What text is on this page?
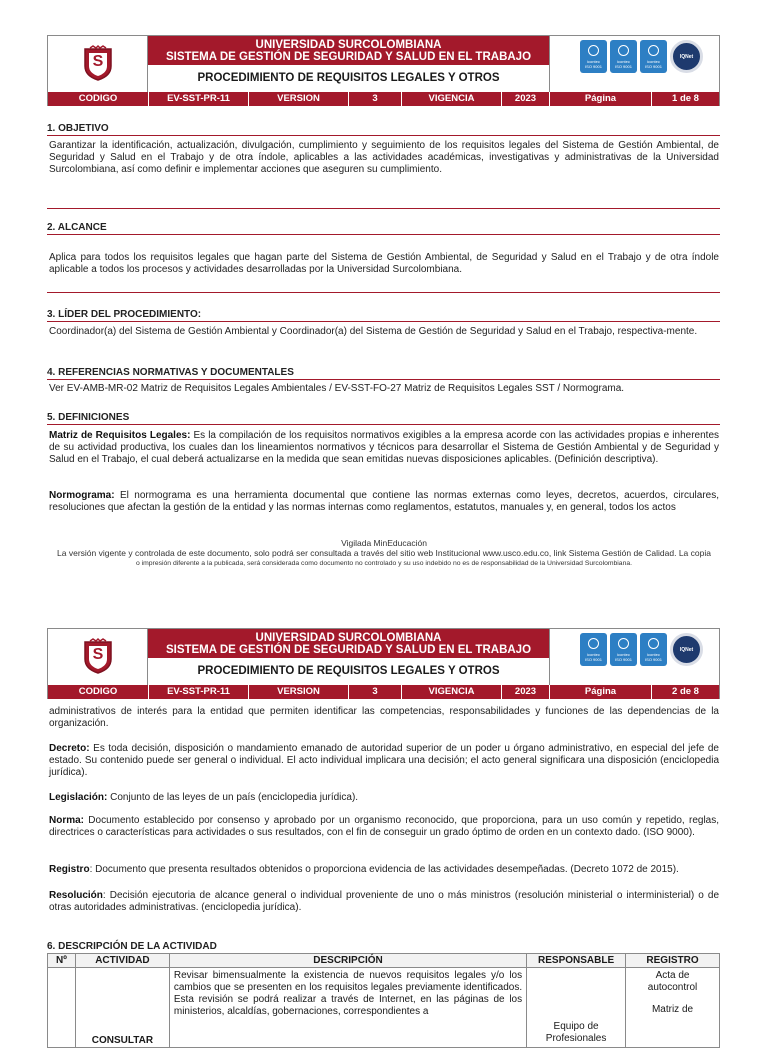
S
UNIVERSIDAD SURCOLOMBIANA
SISTEMA DE GESTIÓN DE SEGURIDAD Y SALUD EN EL TRABAJO
PROCEDIMIENTO DE REQUISITOS LEGALES Y OTROS
icontec
ISO 9001
icontec
ISO 9001
icontec
ISO 9001
IQNet
CODIGO	EV-SST-PR-11	VERSION	3	VIGENCIA	2023	Página	1 de 8
1. OBJETIVO
Garantizar la identificación, actualización, divulgación, cumplimiento y seguimiento de los requisitos legales del Sistema de Gestión Ambiental, de Seguridad y Salud en el Trabajo y de otra índole, aplicables a las actividades académicas, investigativas y administrativas de la Universidad Surcolombiana, así como definir e implementar acciones que aseguren su cumplimiento.
2. ALCANCE
Aplica para todos los requisitos legales que hagan parte del Sistema de Gestión Ambiental, de Seguridad y Salud en el Trabajo y de otra índole aplicable a todos los procesos y actividades desarrolladas por la Universidad Surcolombiana.
3. LÍDER DEL PROCEDIMIENTO:
Coordinador(a) del Sistema de Gestión Ambiental y Coordinador(a) del Sistema de Gestión de Seguridad y Salud en el Trabajo, respectiva-mente.
4. REFERENCIAS NORMATIVAS Y DOCUMENTALES
Ver EV-AMB-MR-02 Matriz de Requisitos Legales Ambientales / EV-SST-FO-27 Matriz de Requisitos Legales SST / Normograma.
5. DEFINICIONES
Matriz de Requisitos Legales: Es la compilación de los requisitos normativos exigibles a la empresa acorde con las actividades propias e inherentes de su actividad productiva, los cuales dan los lineamientos normativos y técnicos para desarrollar el Sistema de Gestión Ambiental y de Seguridad y Salud en el Trabajo, el cual deberá actualizarse en la medida que sean emitidas nuevas disposiciones aplicables. (Definición descriptiva).
Normograma: El normograma es una herramienta documental que contiene las normas externas como leyes, decretos, acuerdos, circulares, resoluciones que afectan la gestión de la entidad y las normas internas como reglamentos, estatutos, manuales y, en general, todos los actos
Vigilada MinEducación
La versión vigente y controlada de este documento, solo podrá ser consultada a través del sitio web Institucional www.usco.edu.co, link Sistema Gestión de Calidad. La copia
o impresión diferente a la publicada, será considerada como documento no controlado y su uso indebido no es de responsabilidad de la Universidad Surcolombiana.
S
UNIVERSIDAD SURCOLOMBIANA
SISTEMA DE GESTIÓN DE SEGURIDAD Y SALUD EN EL TRABAJO
PROCEDIMIENTO DE REQUISITOS LEGALES Y OTROS
icontec
ISO 9001
icontec
ISO 9001
icontec
ISO 9001
IQNet
CODIGO	EV-SST-PR-11	VERSION	3	VIGENCIA	2023	Página	2 de 8
administrativos de interés para la entidad que permiten identificar las competencias, responsabilidades y funciones de las dependencias de la organización.
Decreto: Es toda decisión, disposición o mandamiento emanado de autoridad superior de un poder u órgano administrativo, en especial del jefe de estado. Su contenido puede ser general o individual. El acto individual implicara una decisión; el acto general significara una disposición (enciclopedia jurídica).
Legislación: Conjunto de las leyes de un país (enciclopedia jurídica).
Norma: Documento establecido por consenso y aprobado por un organismo reconocido, que proporciona, para un uso común y repetido, reglas, directrices o características para actividades o sus resultados, con el fin de conseguir un grado óptimo de orden en un contexto dado. (ISO 9000).
Registro: Documento que presenta resultados obtenidos o proporciona evidencia de las actividades desempeñadas. (Decreto 1072 de 2015).
Resolución: Decisión ejecutoria de alcance general o individual proveniente de uno o más ministros (resolución ministerial o interministerial) o de otras autoridades administrativas. (enciclopedia jurídica).
6. DESCRIPCIÓN DE LA ACTIVIDAD
Nº	ACTIVIDAD	DESCRIPCIÓN	RESPONSABLE	REGISTRO
	CONSULTAR	Revisar bimensualmente la existencia de nuevos requisitos legales y/o los cambios que se presenten en los requisitos legales previamente identificados. Esta revisión se podrá realizar a través de Internet, en las páginas de los ministerios, alcaldías, gobernaciones, correspondientes a	Equipo de Profesionales	Acta de autocontrol
Matriz de
